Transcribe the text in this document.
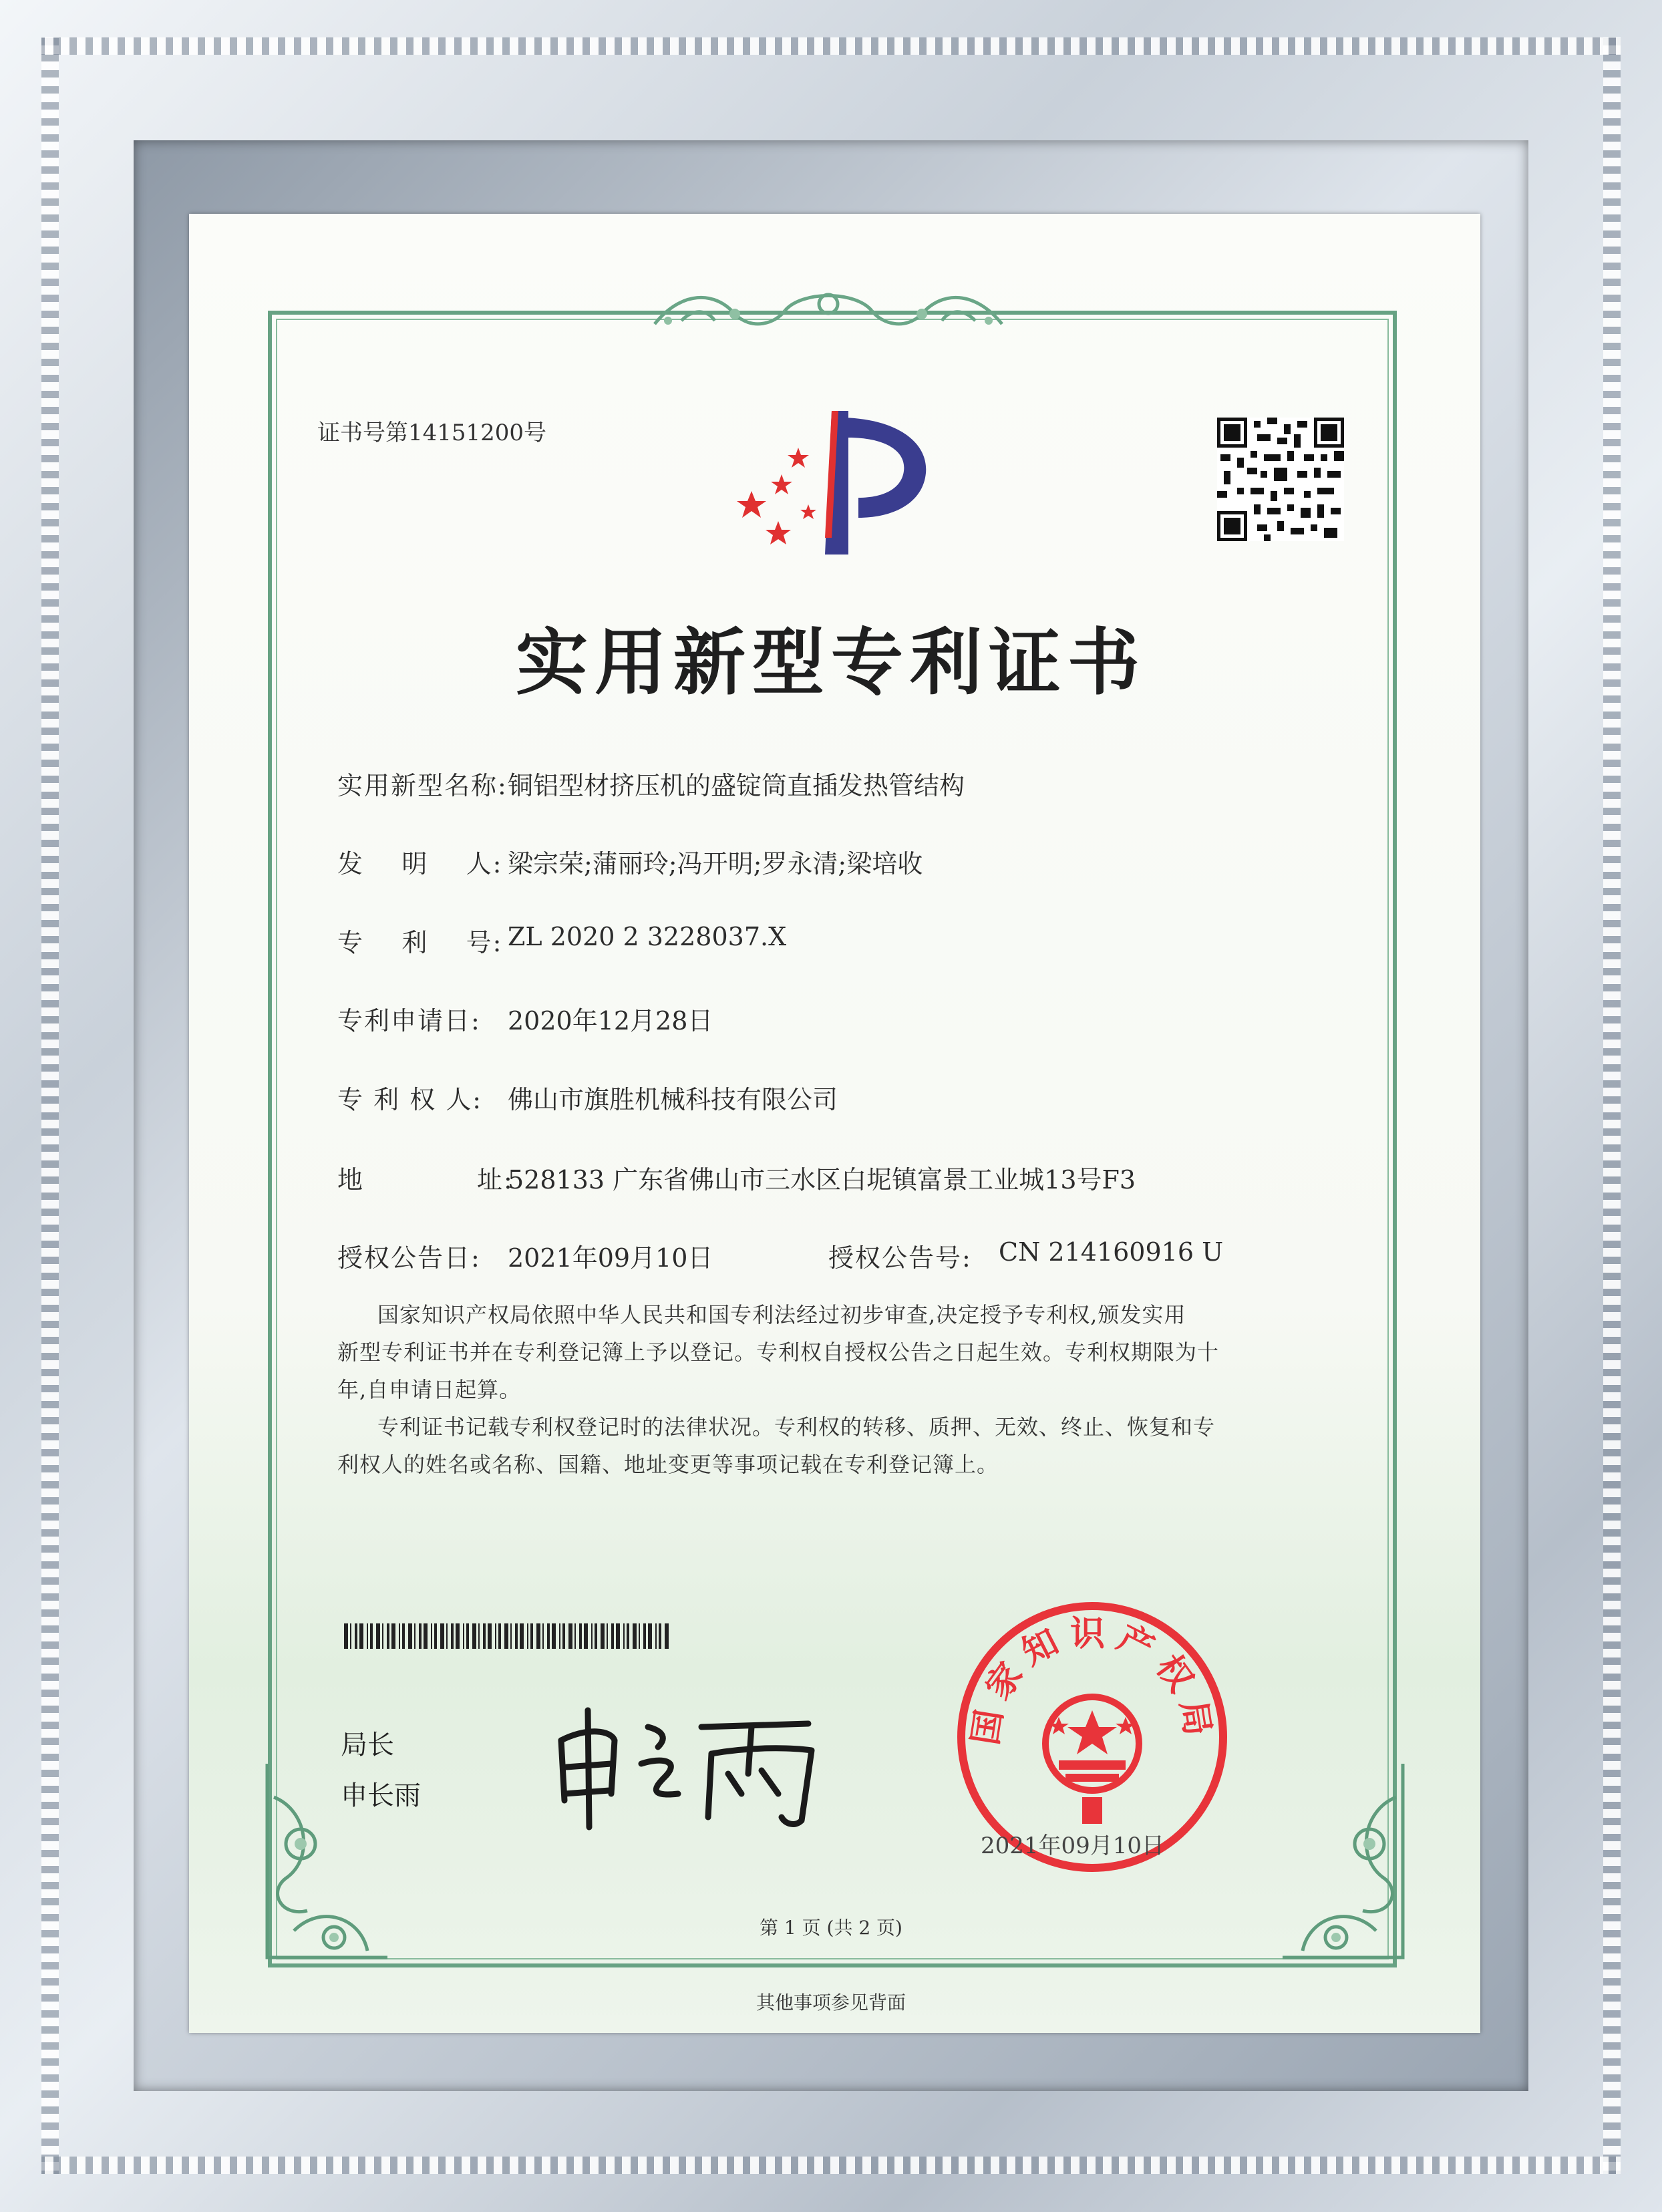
证书号第14151200号
实用新型专利证书
实用新型名称: 铜铝型材挤压机的盛锭筒直插发热管结构
发    明    人: 梁宗荣;蒲丽玲;冯开明;罗永清;梁培收
专    利    号: ZL 2020 2 3228037.X
专利申请日: 2020年12月28日
专 利 权 人: 佛山市旗胜机械科技有限公司
地            址:
528133 广东省佛山市三水区白坭镇富景工业城13号F3
授权公告日: 2021年09月10日	授权公告号: CN 214160916 U
国家知识产权局依照中华人民共和国专利法经过初步审查,决定授予专利权,颁发实用
新型专利证书并在专利登记簿上予以登记。专利权自授权公告之日起生效。专利权期限为十
年,自申请日起算。
专利证书记载专利权登记时的法律状况。专利权的转移、质押、无效、终止、恢复和专
利权人的姓名或名称、国籍、地址变更等事项记载在专利登记簿上。
局长
申长雨
国家知识产权局
2021年09月10日
第 1 页 (共 2 页)
其他事项参见背面
